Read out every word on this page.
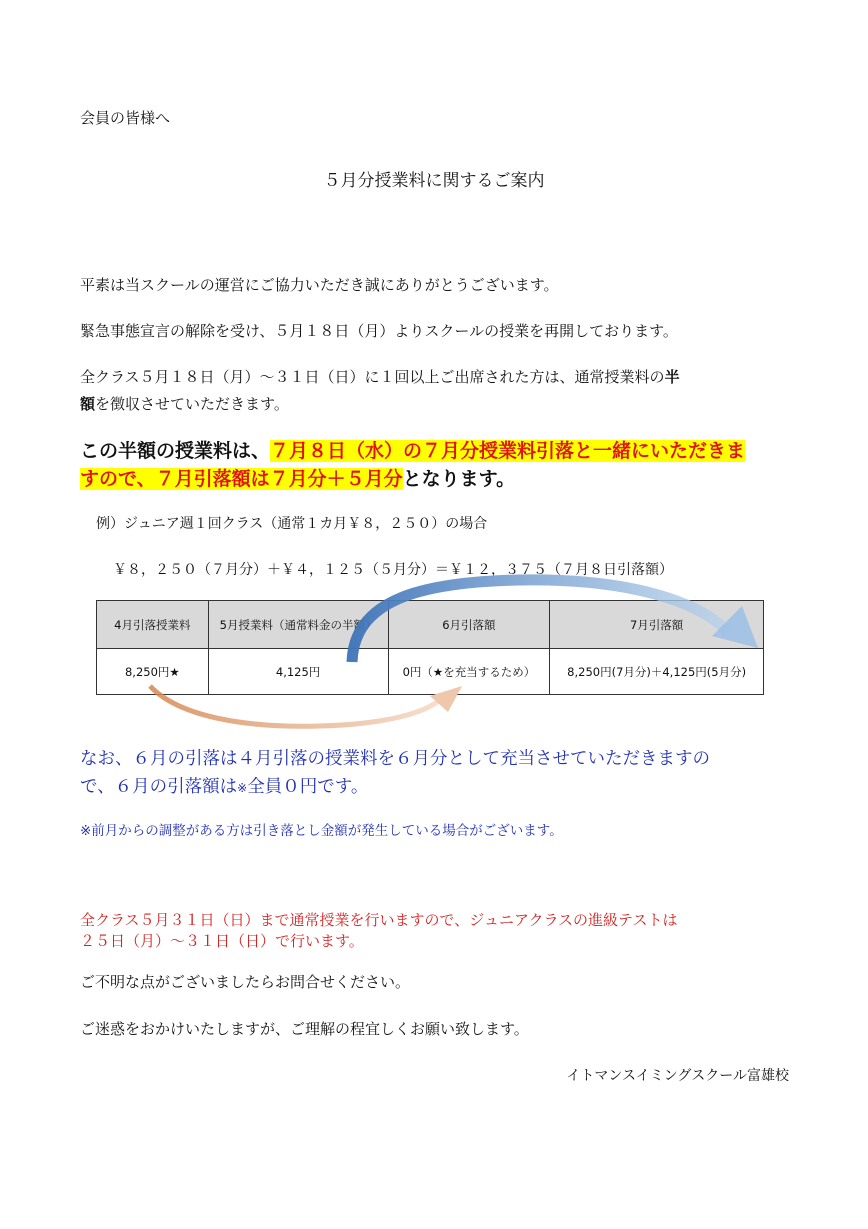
会員の皆様へ

５月分授業料に関するご案内

平素は当スクールの運営にご協力いただき誠にありがとうございます。

緊急事態宣言の解除を受け、５月１８日（月）よりスクールの授業を再開しております。

全クラス５月１８日（月）～３１日（日）に１回以上ご出席された方は、通常授業料の半
額を徴収させていただきます。
この半額の授業料は、７月８日（水）の７月分授業料引落と一緒にいただきま
すので、７月引落額は７月分＋５月分となります。

例）ジュニア週１回クラス（通常１カ月￥８，２５０）の場合

￥８，２５０（７月分）＋￥４，１２５（５月分）＝￥１２，３７５（７月８日引落額）

4月引落授業料	5月授業料（通常料金の半額）	6月引落額	7月引落額
8,250円★	4,125円	0円（★を充当するため）	8,250円(7月分)＋4,125円(5月分)

なお、６月の引落は４月引落の授業料を６月分として充当させていただきますの

で、６月の引落額は※全員０円です。

※前月からの調整がある方は引き落とし金額が発生している場合がございます。

全クラス５月３１日（日）まで通常授業を行いますので、ジュニアクラスの進級テストは

２５日（月）～３１日（日）で行います。

ご不明な点がございましたらお問合せください。

ご迷惑をおかけいたしますが、ご理解の程宜しくお願い致します。

イトマンスイミングスクール富雄校
